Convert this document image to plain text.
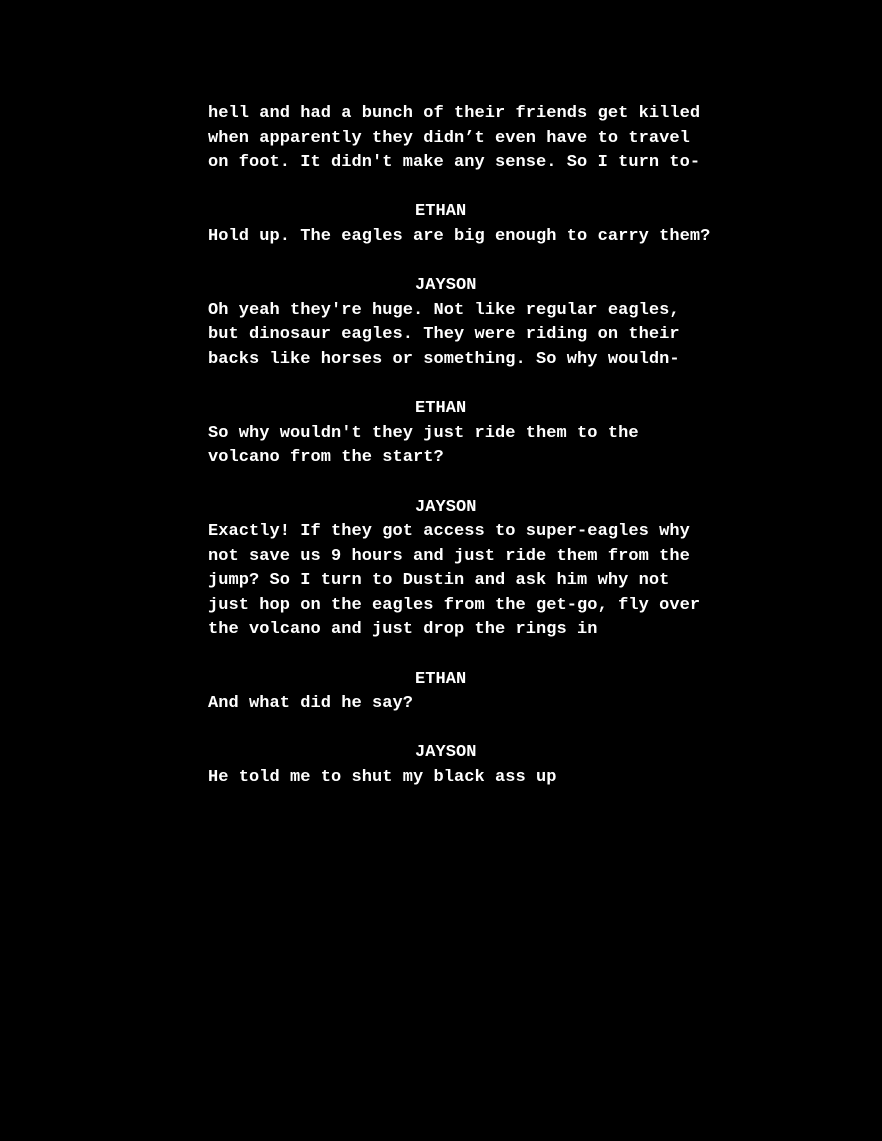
hell and had a bunch of their friends get killed
when apparently they didn’t even have to travel
on foot. It didn't make any sense. So I turn to-
ETHAN
Hold up. The eagles are big enough to carry them?
JAYSON
Oh yeah they're huge. Not like regular eagles,
but dinosaur eagles. They were riding on their
backs like horses or something. So why wouldn-
ETHAN
So why wouldn't they just ride them to the
volcano from the start?
JAYSON
Exactly! If they got access to super-eagles why
not save us 9 hours and just ride them from the
jump? So I turn to Dustin and ask him why not
just hop on the eagles from the get-go, fly over
the volcano and just drop the rings in
ETHAN
And what did he say?
JAYSON
He told me to shut my black ass up
